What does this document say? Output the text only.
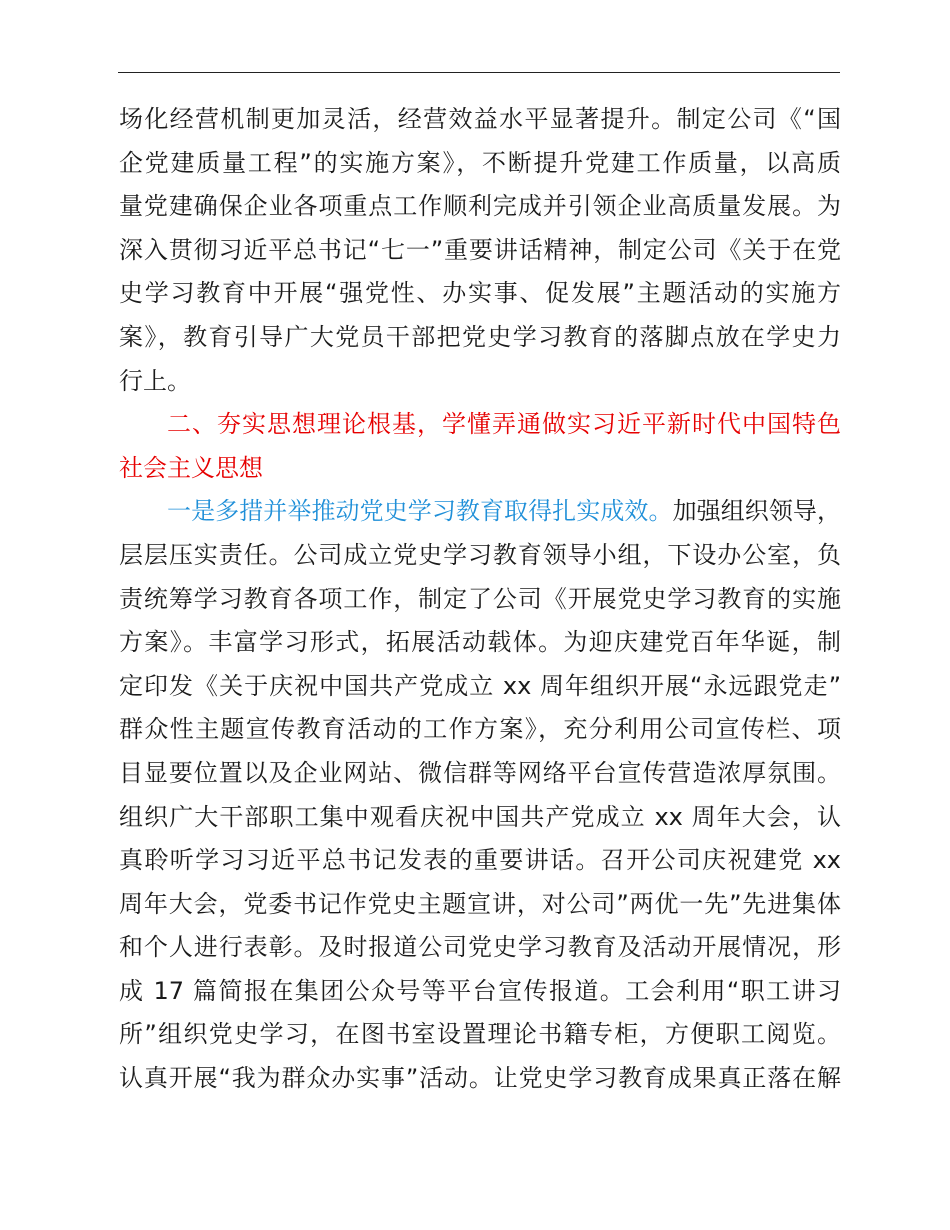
场化经营机制更加灵活，经营效益水平显著提升。制定公司《“国
企党建质量工程”的实施方案》，不断提升党建工作质量，以高质
量党建确保企业各项重点工作顺利完成并引领企业高质量发展。为
深入贯彻习近平总书记“七一”重要讲话精神，制定公司《关于在党
史学习教育中开展“强党性、办实事、促发展”主题活动的实施方
案》，教育引导广大党员干部把党史学习教育的落脚点放在学史力
行上。
二、夯实思想理论根基，学懂弄通做实习近平新时代中国特色
社会主义思想
一是多措并举推动党史学习教育取得扎实成效。加强组织领导，
层层压实责任。公司成立党史学习教育领导小组，下设办公室，负
责统筹学习教育各项工作，制定了公司《开展党史学习教育的实施
方案》。丰富学习形式，拓展活动载体。为迎庆建党百年华诞，制
定印发《关于庆祝中国共产党成立 xx 周年组织开展“永远跟党走”
群众性主题宣传教育活动的工作方案》，充分利用公司宣传栏、项
目显要位置以及企业网站、微信群等网络平台宣传营造浓厚氛围。
组织广大干部职工集中观看庆祝中国共产党成立 xx 周年大会，认
真聆听学习习近平总书记发表的重要讲话。召开公司庆祝建党 xx
周年大会，党委书记作党史主题宣讲，对公司”两优一先”先进集体
和个人进行表彰。及时报道公司党史学习教育及活动开展情况，形
成 17 篇简报在集团公众号等平台宣传报道。工会利用“职工讲习
所”组织党史学习，在图书室设置理论书籍专柜，方便职工阅览。
认真开展“我为群众办实事”活动。让党史学习教育成果真正落在解
